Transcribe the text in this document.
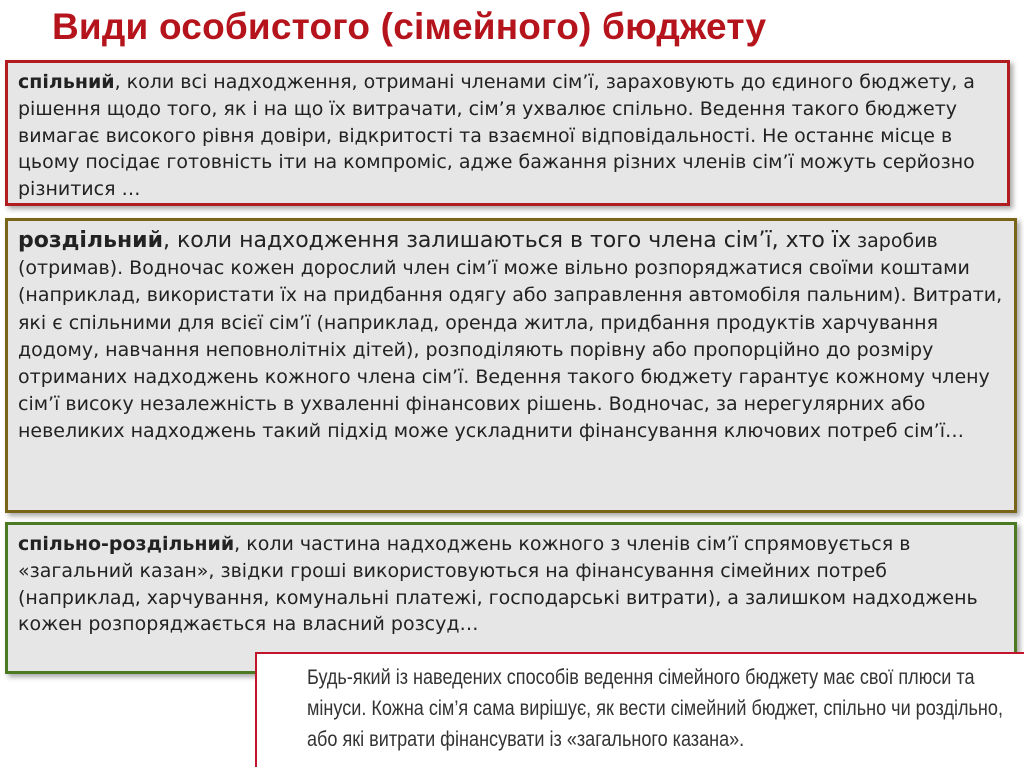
Види особистого (сімейного) бюджету

спільний, коли всі надходження, отримані членами сім’ї, зараховують до єдиного бюджету, а рішення щодо того, як і на що їх витрачати, сім’я ухвалює спільно. Ведення такого бюджету вимагає високого рівня довіри, відкритості та взаємної відповідальності. Не останнє місце в цьому посідає готовність іти на компроміс, адже бажання різних членів сім’ї можуть серйозно різнитися …

роздільний, коли надходження залишаються в того члена сім’ї, хто їх заробив (отримав). Водночас кожен дорослий член сім’ї може вільно розпоряджатися своїми коштами (наприклад, використати їх на придбання одягу або заправлення автомобіля пальним). Витрати, які є спільними для всієї сім’ї (наприклад, оренда житла, придбання продуктів харчування додому, навчання неповнолітніх дітей), розподіляють порівну або пропорційно до розміру отриманих надходжень кожного члена сім’ї. Ведення такого бюджету гарантує кожному члену сім’ї високу незалежність в ухваленні фінансових рішень. Водночас, за нерегулярних або невеликих надходжень такий підхід може ускладнити фінансування ключових потреб сім’ї…

спільно-роздільний, коли частина надходжень кожного з членів сім’ї спрямовується в «загальний казан», звідки гроші використовуються на фінансування сімейних потреб (наприклад, харчування, комунальні платежі, господарські витрати), а залишком надходжень кожен розпоряджається на власний розсуд…

Будь-який із наведених способів ведення сімейного бюджету має свої плюси та мінуси. Кожна сім’я сама вирішує, як вести сімейний бюджет, спільно чи роздільно, або які витрати фінансувати із «загального казана».
